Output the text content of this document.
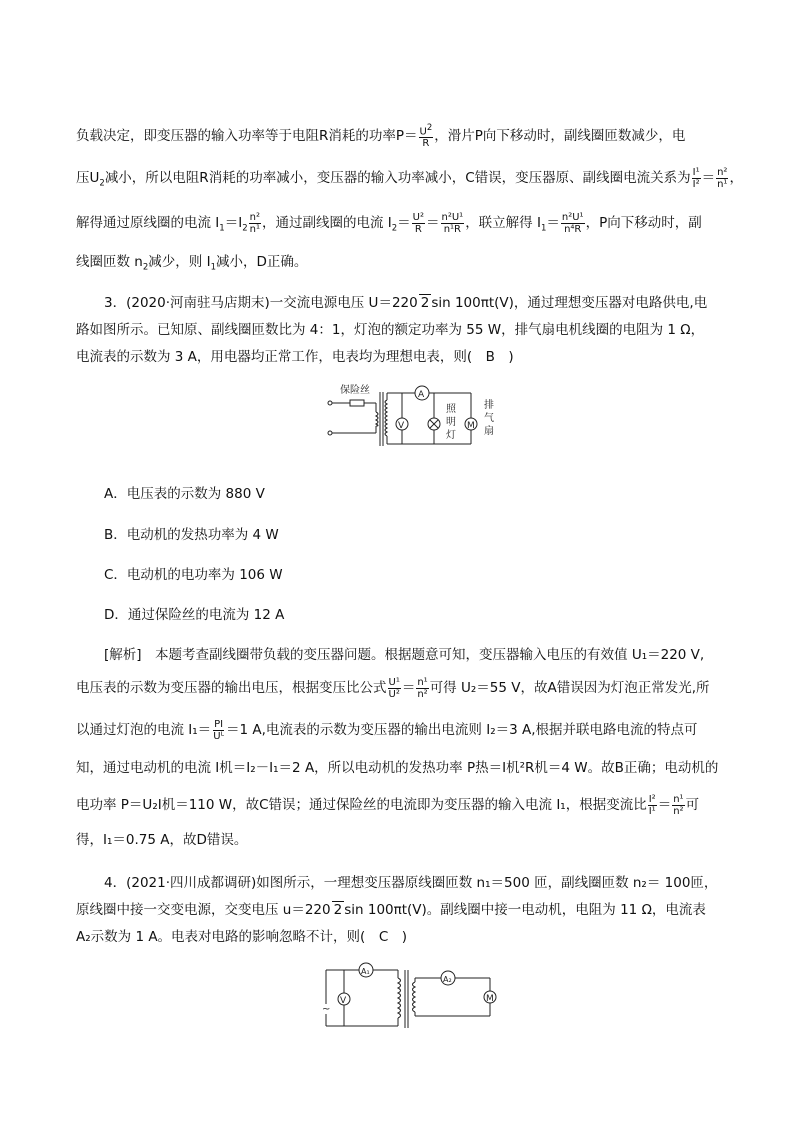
负载决定，即变压器的输入功率等于电阻R消耗的功率$P= \frac{U^2}{R}$ ，滑片P向下移动时，副线圈匝数减少，电
压$U_2$减小，所以电阻R消耗的功率减小，变压器的输入功率减小，C错误，变压器原、副线圈电流关系为 $\frac{\text{I¹}}{\text{I²}} = \frac{\text{n²}}{\text{n¹}}$ ，
解得通过原线圈的电流 $I_1=I_2 \frac{\text{n²}}{\text{n¹}}$ ，通过副线圈的电流 $I_2= \frac{\text{U²}}{R} = \frac{\text{n²U¹}}{\text{n¹R}}$ ，联立解得 $I_1= \frac{\text{n²U¹}}{\text{n⁴R}}$ ，P向下移动时，副
线圈匝数 $n_2$减少，则 $I_1$减小，D正确。
3．(2020·河南驻马店期末)一交流电源电压 U＝220 2 sin 100πt(V)，通过理想变压器对电路供电,电
路如图所示。已知原、副线圈匝数比为 4：1，灯泡的额定功率为 55 W，排气扇电机线圈的电阻为 1 Ω，
电流表的示数为 3 A，用电器均正常工作，电表均为理想电表，则(　B　)
保险丝	A
V	M
照
明
灯
排
气
扇
A．电压表的示数为 880 V
B．电动机的发热功率为 4 W
C．电动机的电功率为 106 W
D．通过保险丝的电流为 12 A
[解析]　本题考查副线圈带负载的变压器问题。根据题意可知，变压器输入电压的有效值 U₁＝220 V,
电压表的示数为变压器的输出电压，根据变压比公式 $\frac{\text{U¹}}{\text{U²}} = \frac{\text{n¹}}{\text{n²}}$ 可得 U₂＝55 V，故A错误因为灯泡正常发光,所
以通过灯泡的电流 $I_1= \frac{PI}{\text{Uᴸ}} =1$ A,电流表的示数为变压器的输出电流则 I₂＝3 A,根据并联电路电流的特点可
知，通过电动机的电流 I机＝I₂－I₁＝2 A，所以电动机的发热功率 P热＝I机²R机＝4 W。故B正确；电动机的
电功率 P＝U₂I机＝110 W，故C错误；通过保险丝的电流即为变压器的输入电流 I₁，根据变流比 $\frac{\text{I²}}{\text{I¹}} = \frac{\text{n¹}}{\text{n²}}$ 可
得，I₁＝0.75 A，故D错误。
4．(2021·四川成都调研)如图所示，一理想变压器原线圈匝数 n₁＝500 匝，副线圈匝数 n₂＝ 100匝，
原线圈中接一交变电源，交变电压 u＝220 2 sin 100πt(V)。副线圈中接一电动机，电阻为 11 Ω，电流表
A₂示数为 1 A。电表对电路的影响忽略不计，则(　C　)
A₁
A₂
V	M
~
